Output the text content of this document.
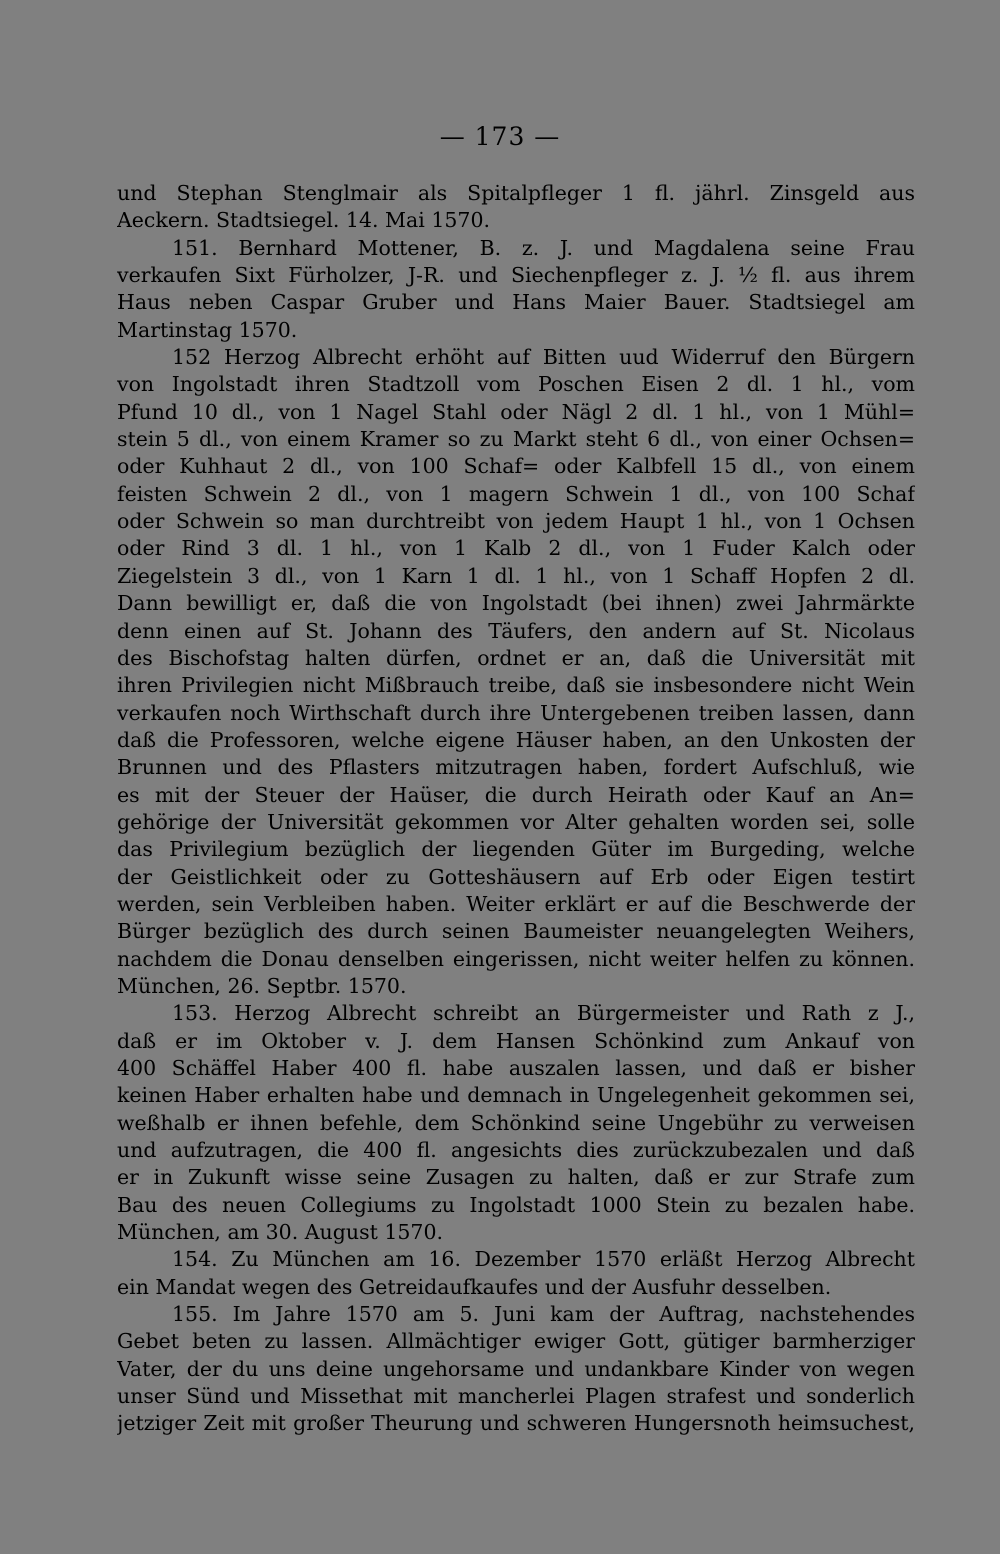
— 173 —
und Stephan Stenglmair als Spitalpfleger 1 fl. jährl. Zinsgeld aus
Aeckern. Stadtsiegel. 14. Mai 1570.
151. Bernhard Mottener, B. z. J. und Magdalena seine Frau
verkaufen Sixt Fürholzer, J-R. und Siechenpfleger z. J. ½ fl. aus ihrem
Haus neben Caspar Gruber und Hans Maier Bauer. Stadtsiegel am
Martinstag 1570.
152 Herzog Albrecht erhöht auf Bitten uud Widerruf den Bürgern
von Ingolstadt ihren Stadtzoll vom Poschen Eisen 2 dl. 1 hl., vom
Pfund 10 dl., von 1 Nagel Stahl oder Nägl 2 dl. 1 hl., von 1 Mühl=
stein 5 dl., von einem Kramer so zu Markt steht 6 dl., von einer Ochsen=
oder Kuhhaut 2 dl., von 100 Schaf= oder Kalbfell 15 dl., von einem
feisten Schwein 2 dl., von 1 magern Schwein 1 dl., von 100 Schaf
oder Schwein so man durchtreibt von jedem Haupt 1 hl., von 1 Ochsen
oder Rind 3 dl. 1 hl., von 1 Kalb 2 dl., von 1 Fuder Kalch oder
Ziegelstein 3 dl., von 1 Karn 1 dl. 1 hl., von 1 Schaff Hopfen 2 dl.
Dann bewilligt er, daß die von Ingolstadt (bei ihnen) zwei Jahrmärkte
denn einen auf St. Johann des Täufers, den andern auf St. Nicolaus
des Bischofstag halten dürfen, ordnet er an, daß die Universität mit
ihren Privilegien nicht Mißbrauch treibe, daß sie insbesondere nicht Wein
verkaufen noch Wirthschaft durch ihre Untergebenen treiben lassen, dann
daß die Professoren, welche eigene Häuser haben, an den Unkosten der
Brunnen und des Pflasters mitzutragen haben, fordert Aufschluß, wie
es mit der Steuer der Haüser, die durch Heirath oder Kauf an An=
gehörige der Universität gekommen vor Alter gehalten worden sei, solle
das Privilegium bezüglich der liegenden Güter im Burgeding, welche
der Geistlichkeit oder zu Gotteshäusern auf Erb oder Eigen testirt
werden, sein Verbleiben haben. Weiter erklärt er auf die Beschwerde der
Bürger bezüglich des durch seinen Baumeister neuangelegten Weihers,
nachdem die Donau denselben eingerissen, nicht weiter helfen zu können.
München, 26. Septbr. 1570.
153. Herzog Albrecht schreibt an Bürgermeister und Rath z J.,
daß er im Oktober v. J. dem Hansen Schönkind zum Ankauf von
400 Schäffel Haber 400 fl. habe auszalen lassen, und daß er bisher
keinen Haber erhalten habe und demnach in Ungelegenheit gekommen sei,
weßhalb er ihnen befehle, dem Schönkind seine Ungebühr zu verweisen
und aufzutragen, die 400 fl. angesichts dies zurückzubezalen und daß
er in Zukunft wisse seine Zusagen zu halten, daß er zur Strafe zum
Bau des neuen Collegiums zu Ingolstadt 1000 Stein zu bezalen habe.
München, am 30. August 1570.
154. Zu München am 16. Dezember 1570 erläßt Herzog Albrecht
ein Mandat wegen des Getreidaufkaufes und der Ausfuhr desselben.
155. Im Jahre 1570 am 5. Juni kam der Auftrag, nachstehendes
Gebet beten zu lassen. Allmächtiger ewiger Gott, gütiger barmherziger
Vater, der du uns deine ungehorsame und undankbare Kinder von wegen
unser Sünd und Missethat mit mancherlei Plagen strafest und sonderlich
jetziger Zeit mit großer Theurung und schweren Hungersnoth heimsuchest,
